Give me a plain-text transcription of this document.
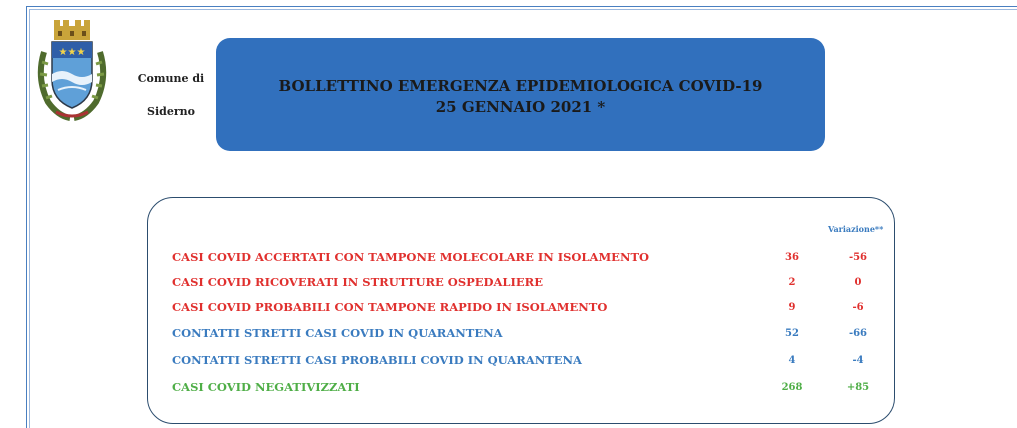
★★★
Comune di
Siderno
BOLLETTINO EMERGENZA EPIDEMIOLOGICA COVID-19
25 GENNAIO 2021 *
Variazione**
CASI COVID ACCERTATI CON TAMPONE MOLECOLARE IN ISOLAMENTO	36	-56
CASI COVID RICOVERATI IN STRUTTURE OSPEDALIERE	2	0
CASI COVID PROBABILI CON TAMPONE RAPIDO IN ISOLAMENTO	9	-6
CONTATTI STRETTI CASI COVID IN QUARANTENA	52	-66
CONTATTI STRETTI CASI PROBABILI COVID IN QUARANTENA	4	-4
CASI COVID NEGATIVIZZATI	268	+85
